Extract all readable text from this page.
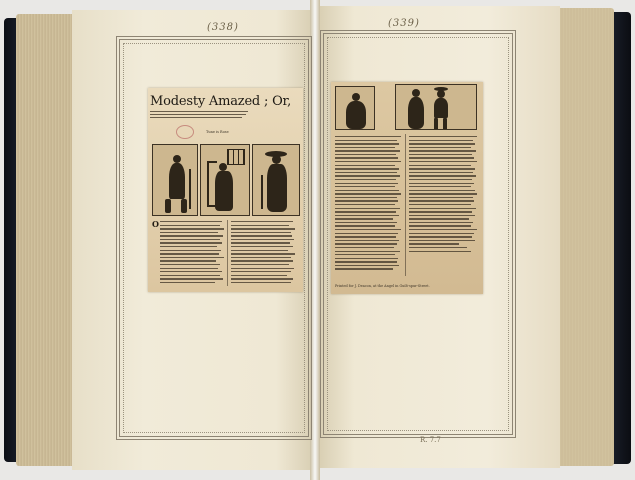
(338)	(339)
R. 7.7
Modesty Amazed ; Or,
Tune is Rose
O
Printed for J. Deacon, at the Angel in Guilt-spur-Street.
